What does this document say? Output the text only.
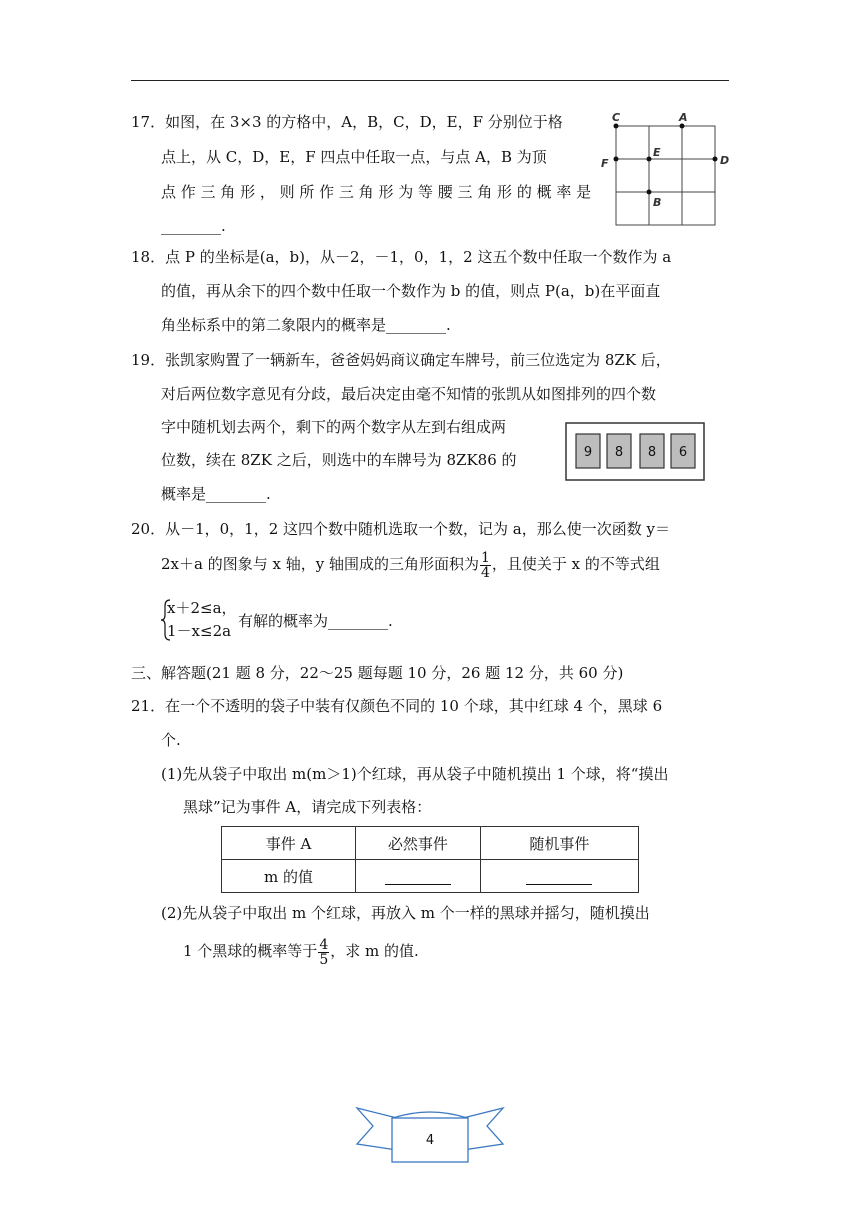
17．如图，在 3×3 的方格中，A，B，C，D，E，F 分别位于格
点上，从 C，D，E，F 四点中任取一点，与点 A，B 为顶
点 作 三 角 形 ， 则 所 作 三 角 形 为 等 腰 三 角 形 的 概 率 是
________.
C	A
F
E
D
B
18．点 P 的坐标是(a，b)，从－2，－1，0，1，2 这五个数中任取一个数作为 a
的值，再从余下的四个数中任取一个数作为 b 的值，则点 P(a，b)在平面直
角坐标系中的第二象限内的概率是________.
19．张凯家购置了一辆新车，爸爸妈妈商议确定车牌号，前三位选定为 8ZK 后，
对后两位数字意见有分歧，最后决定由毫不知情的张凯从如图排列的四个数
字中随机划去两个，剩下的两个数字从左到右组成两
位数，续在 8ZK 之后，则选中的车牌号为 8ZK86 的
概率是________.
9 8 8 6
20．从－1，0，1，2 这四个数中随机选取一个数，记为 a，那么使一次函数 y＝
2x＋a 的图象与 x 轴，y 轴围成的三角形面积为 $\frac{1}{4}$ ，且使关于 x 的不等式组
x＋2≤a，
1－x≤2a
有解的概率为________.
三、解答题(21 题 8 分，22～25 题每题 10 分，26 题 12 分，共 60 分)
21．在一个不透明的袋子中装有仅颜色不同的 10 个球，其中红球 4 个，黑球 6
个.
(1)先从袋子中取出 m(m＞1)个红球，再从袋子中随机摸出 1 个球，将“摸出
黑球”记为事件 A，请完成下列表格：
事件 A	必然事件	随机事件
m 的值		
(2)先从袋子中取出 m 个红球，再放入 m 个一样的黑球并摇匀，随机摸出
1 个黑球的概率等于 $\frac{4}{5}$ ，求 m 的值.
4
